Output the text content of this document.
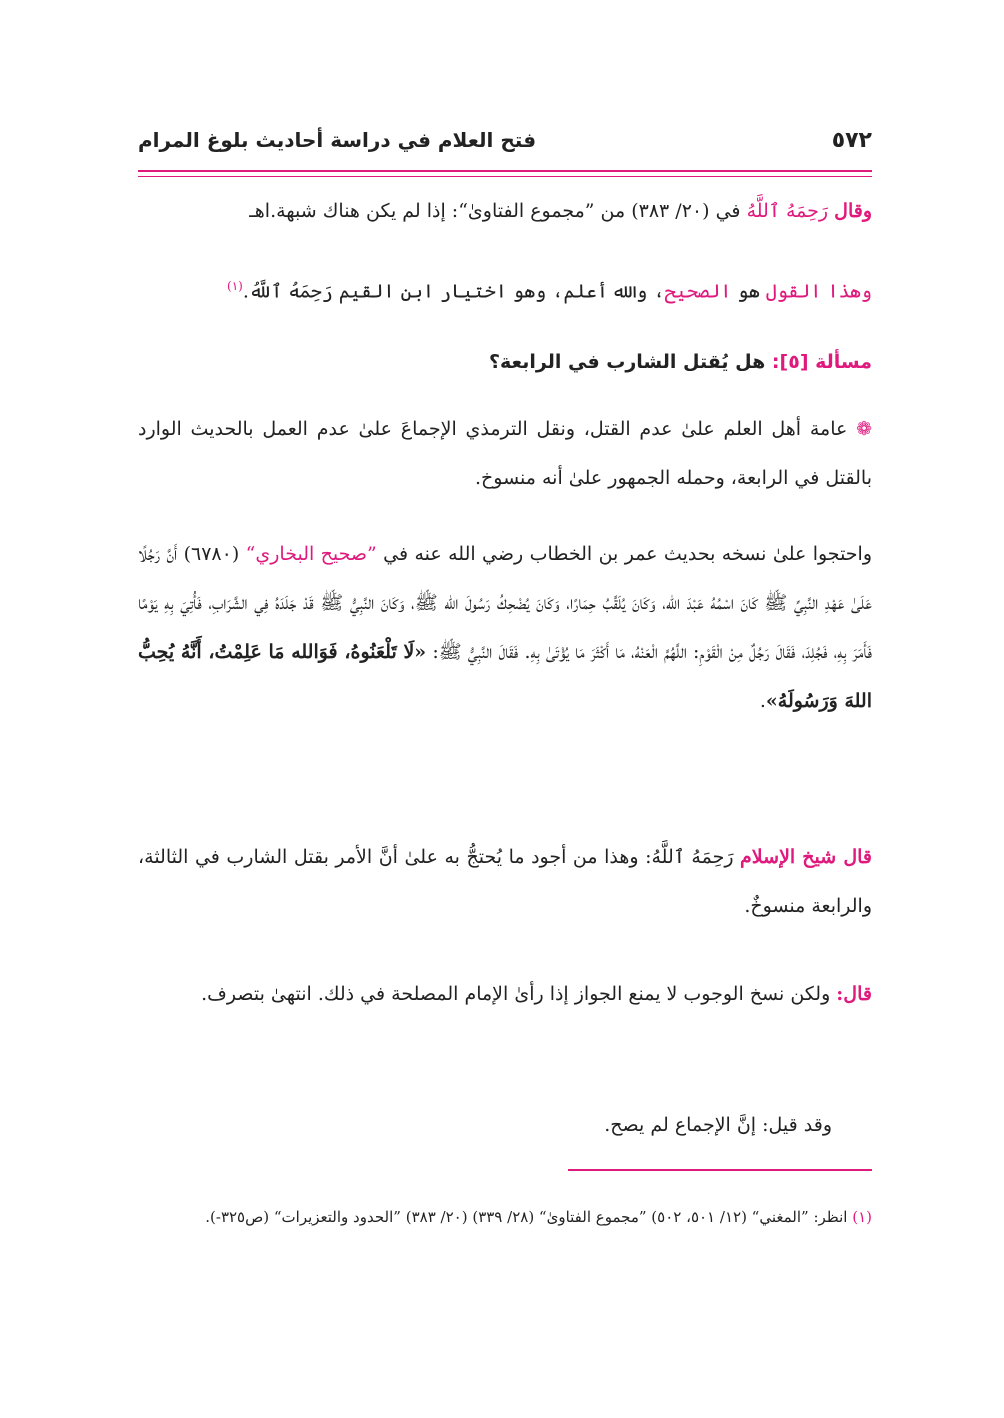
٥٧٢
فتح العلام في دراسة أحاديث بلوغ المرام
وقال رَحِمَهُ ٱللَّهُ في (٢٠/ ٣٨٣) من ”مجموع الفتاوىٰ“: إذا لم يكن هناك شبهة.اهـ
وهذا القول هو الصحيح، والله أعلم، وهو اختيار ابن القيم رَحِمَهُ ٱللَّهُ.$^{(١)}$
مسألة [٥]: هل يُقتل الشارب في الرابعة؟
❁ عامة أهل العلم علىٰ عدم القتل، ونقل الترمذي الإجماعَ علىٰ عدم العمل بالحديث الوارد بالقتل في الرابعة، وحمله الجمهور علىٰ أنه منسوخ.
واحتجوا علىٰ نسخه بحديث عمر بن الخطاب رضي الله عنه في ”صحيح البخاري“ (٦٧٨٠) أَنَّ رَجُلًا عَلَىٰ عَهْدِ النَّبِيِّ ﷺ كَانَ اسْمُهُ عَبْدَ الله، وَكَانَ يُلَقَّبُ حِمَارًا، وَكَانَ يُضْحِكُ رَسُولَ الله ﷺ، وَكَانَ النَّبِيُّ ﷺ قَدْ جَلَدَهُ فِي الشَّرَابِ، فَأُتِيَ بِهِ يَوْمًا فَأَمَرَ بِهِ، فَجُلِدَ، فَقَالَ رَجُلٌ مِنْ الْقَوْمِ: اللَّهُمَّ الْعَنْهُ، مَا أَكْثَرَ مَا يُؤْتَىٰ بِهِ. فَقَالَ النَّبِيُّ ﷺ: «لَا تَلْعَنُوهُ، فَوَالله مَا عَلِمْتُ، أَنَّهُ يُحِبُّ اللهَ وَرَسُولَهُ».
قال شيخ الإسلام رَحِمَهُ ٱللَّهُ: وهذا من أجود ما يُحتجُّ به علىٰ أنَّ الأمر بقتل الشارب في الثالثة، والرابعة منسوخٌ.
قال: ولكن نسخ الوجوب لا يمنع الجواز إذا رأىٰ الإمام المصلحة في ذلك. انتهىٰ بتصرف.
وقد قيل: إنَّ الإجماع لم يصح.
(١) انظر: ”المغني“ (١٢/ ٥٠١، ٥٠٢) ”مجموع الفتاوىٰ“ (٢٨/ ٣٣٩) (٢٠/ ٣٨٣) ”الحدود والتعزيرات“ (ص٣٢٥-).
